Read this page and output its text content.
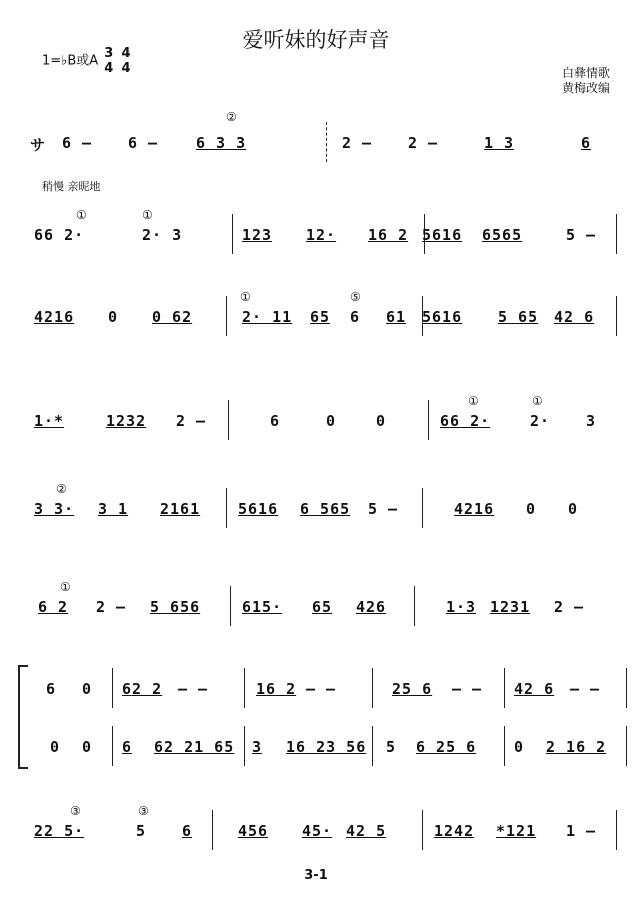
爱听妹的好声音
1=♭B或A 3
4

4
4	白彝情歌
黄梅改编
サ 6 – 6 –
②
6 3 3	2 – 2 –	1 3	6
稍慢 亲昵地
①
66 2·
①
2· 3	123 12· 16 2 5616 6565	5 –
4216 0 0 62
①
2· 11 65
⑤
6 61 5616 5 65 42 6
1·*	1232 2 –	6	0	0
①
66 2·
①
2· 3
②
3 3· 3 1 2161	5616 6 565 5 –	4216 0 0
①
6 2 2 – 5 656	615· 65 426	1·3 1231 2 –
6 0 62 2 – –	16 2 – –	25 6 – – 42 6 – –
0 0 6 62 21 65 3 16 23 56 5 6 25 6	0 2 16 2
③
22 5·
③
5 6	456 45· 42 5	1242 *121 1 –
3-1
